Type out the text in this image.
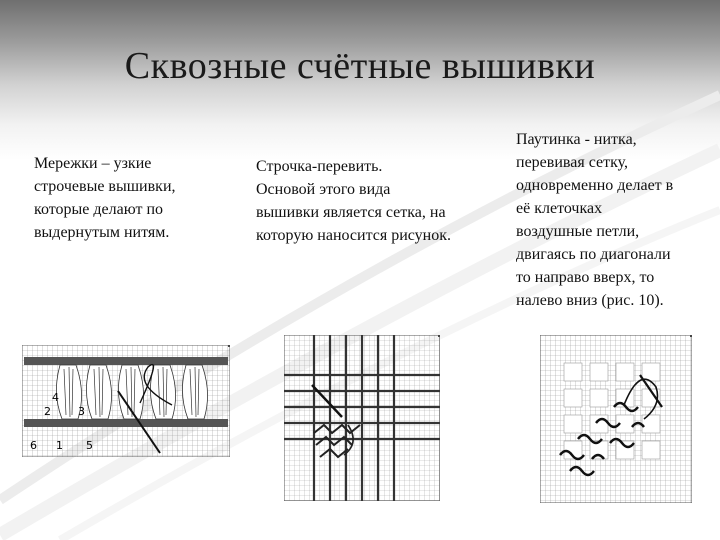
Сквозные счётные вышивки
Мережки – узкие
строчевые вышивки,
которые делают по
выдернутым нитям.
Строчка-перевить.
Основой этого вида
вышивки является сетка, на
которую наносится рисунок.
Паутинка - нитка,
перевивая сетку,
одновременно делает в
её клеточках
воздушные петли,
двигаясь по диагонали
то направо вверх, то
налево вниз (рис. 10).
4
2 3
6 1 5
